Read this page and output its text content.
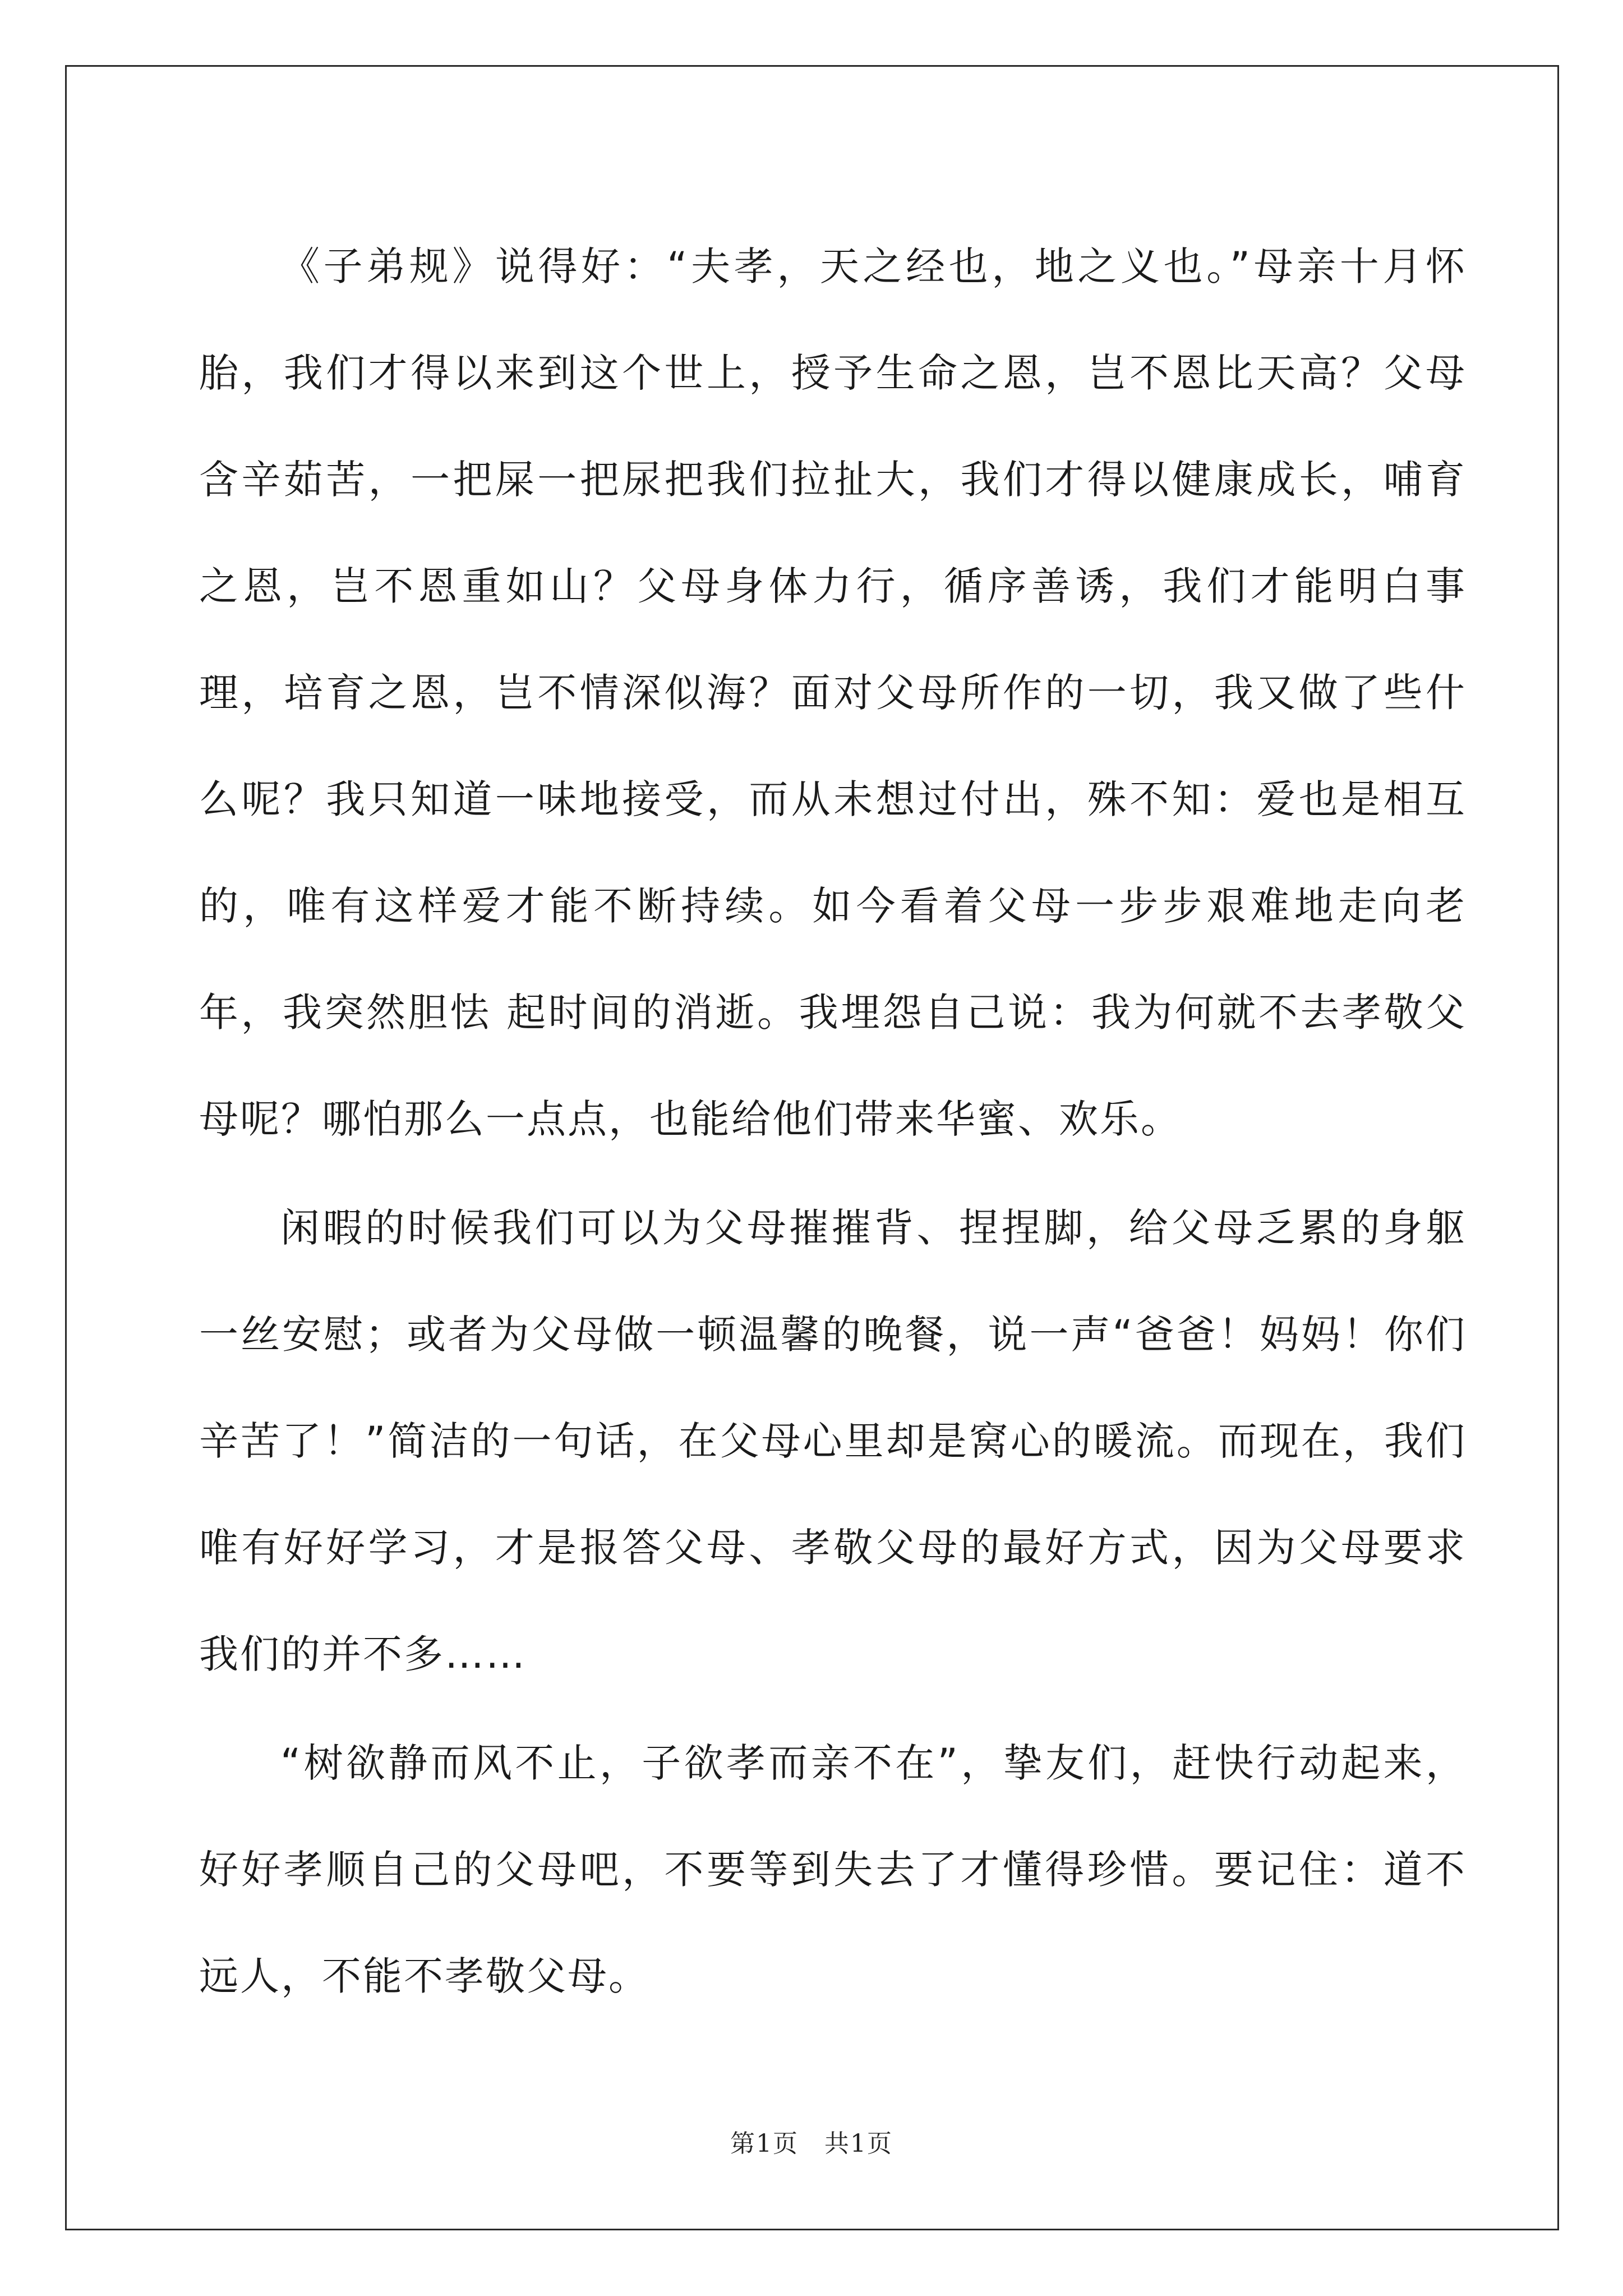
《子弟规》说得好：“夫孝，天之经也，地之义也。”母亲十月怀胎，我们才得以来到这个世上，授予生命之恩，岂不恩比天高？父母含辛茹苦，一把屎一把尿把我们拉扯大，我们才得以健康成长，哺育之恩，岂不恩重如山？父母身体力行，循序善诱，我们才能明白事理，培育之恩，岂不情深似海？面对父母所作的一切，我又做了些什么呢？我只知道一味地接受，而从未想过付出，殊不知：爱也是相互的，唯有这样爱才能不断持续。如今看着父母一步步艰难地走向老年，我突然胆怯 起时间的消逝。我埋怨自己说：我为何就不去孝敬父母呢？哪怕那么一点点，也能给他们带来华蜜、欢乐。

闲暇的时候我们可以为父母摧摧背、捏捏脚，给父母乏累的身躯一丝安慰；或者为父母做一顿温馨的晚餐，说一声“爸爸！妈妈！你们辛苦了！”简洁的一句话，在父母心里却是窝心的暖流。而现在，我们唯有好好学习，才是报答父母、孝敬父母的最好方式，因为父母要求我们的并不多……

“树欲静而风不止，子欲孝而亲不在”，挚友们，赶快行动起来，好好孝顺自己的父母吧，不要等到失去了才懂得珍惜。要记住：道不远人，不能不孝敬父母。

第1页　共1页
